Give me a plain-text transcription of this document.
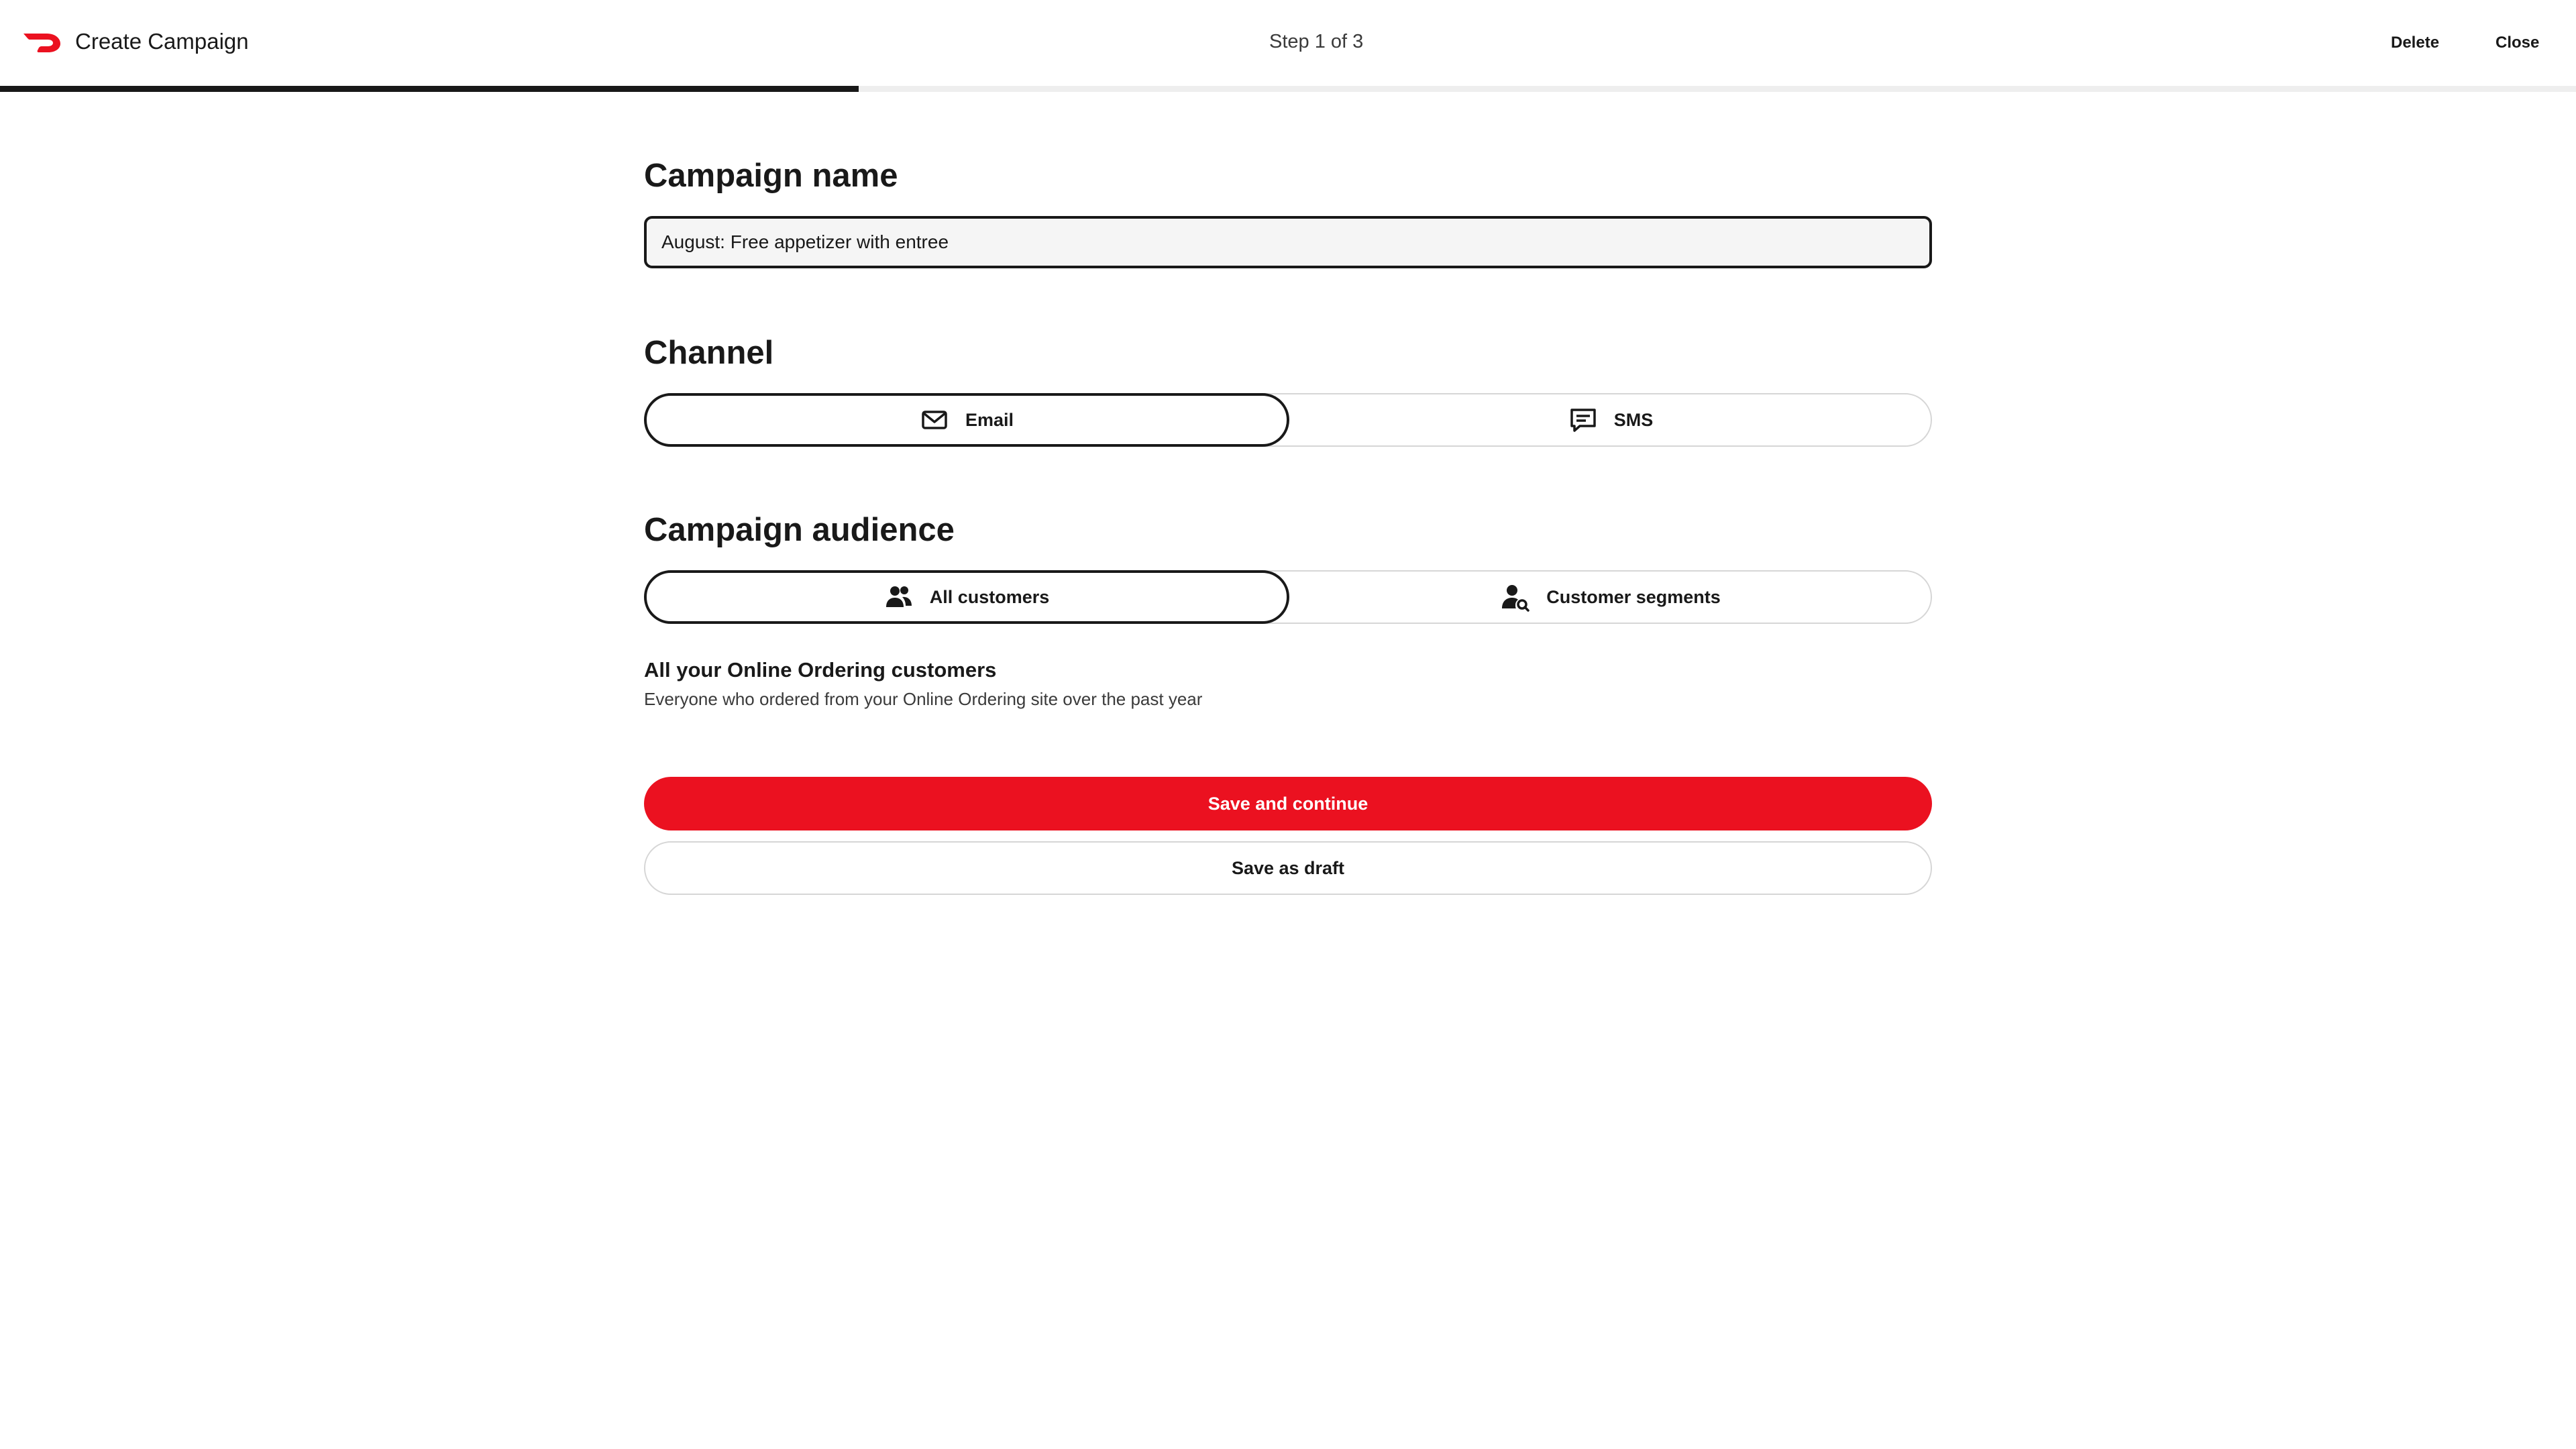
Create Campaign	Step 1 of 3	Delete	Close
Campaign name
August: Free appetizer with entree
Channel
Email	SMS
Campaign audience
All customers	Customer segments
All your Online Ordering customers
Everyone who ordered from your Online Ordering site over the past year
Save and continue
Save as draft
